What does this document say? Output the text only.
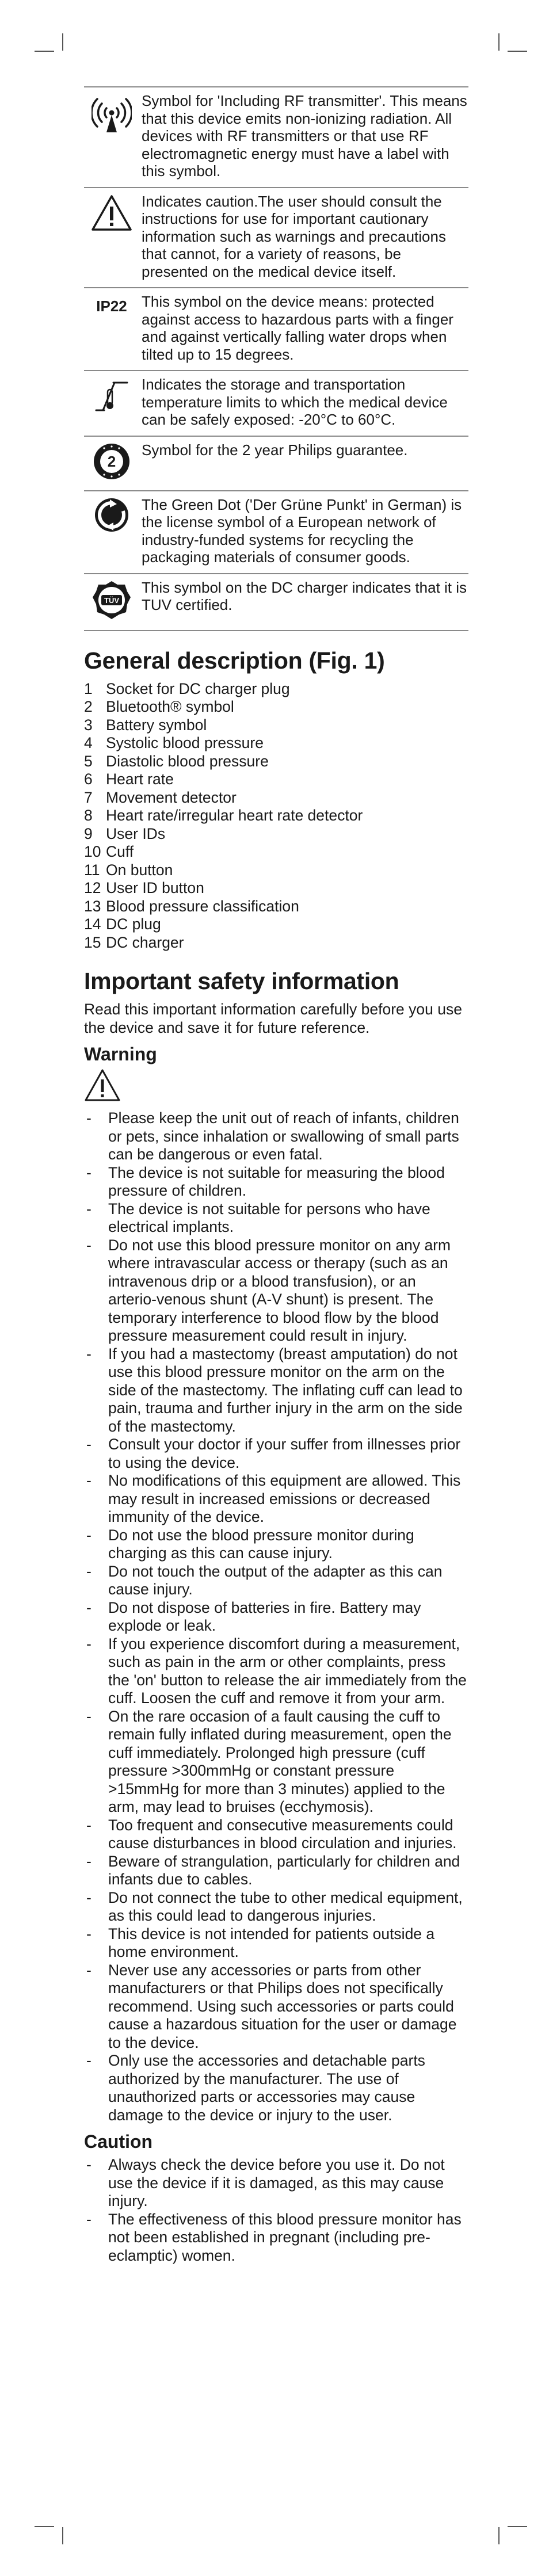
	Symbol for 'Including RF transmitter'. This means that this device emits non-ionizing radiation. All devices with RF transmitters or that use RF electromagnetic energy must have a label with this symbol.
	Indicates caution.The user should consult the instructions for use for important cautionary information such as warnings and precautions that cannot, for a variety of reasons, be presented on the medical device itself.
IP22	This symbol on the device means: protected against access to hazardous parts with a finger and against vertically falling water drops when tilted up to 15 degrees.
	Indicates the storage and transportation temperature limits to which the medical device can be safely exposed: -20°C to 60°C.

2	Symbol for the 2 year Philips guarantee.
	The Green Dot ('Der Grüne Punkt' in German) is the license symbol of a European network of industry-funded systems for recycling the packaging materials of consumer goods.

TÜV	This symbol on the DC charger indicates that it is TUV certified.
General description (Fig. 1)
1 Socket for DC charger plug
2 Bluetooth® symbol
3 Battery symbol
4 Systolic blood pressure
5 Diastolic blood pressure
6 Heart rate
7 Movement detector
8 Heart rate/irregular heart rate detector
9 User IDs
10 Cuff
11 On button
12 User ID button
13 Blood pressure classification
14 DC plug
15 DC charger
Important safety information

Read this important information carefully before you use the device and save it for future reference.

Warning
-	Please keep the unit out of reach of infants, children or pets, since inhalation or swallowing of small parts can be dangerous or even fatal.
-	The device is not suitable for measuring the blood pressure of children.
-	The device is not suitable for persons who have electrical implants.
-	Do not use this blood pressure monitor on any arm where intravascular access or therapy (such as an intravenous drip or a blood transfusion), or an arterio-venous shunt (A-V shunt) is present. The temporary interference to blood flow by the blood pressure measurement could result in injury.
-	If you had a mastectomy (breast amputation) do not use this blood pressure monitor on the arm on the side of the mastectomy. The inflating cuff can lead to pain, trauma and further injury in the arm on the side of the mastectomy.
-	Consult your doctor if your suffer from illnesses prior to using the device.
-	No modifications of this equipment are allowed. This may result in increased emissions or decreased immunity of the device.
-	Do not use the blood pressure monitor during charging as this can cause injury.
-	Do not touch the output of the adapter as this can cause injury.
-	Do not dispose of batteries in fire. Battery may explode or leak.
-	If you experience discomfort during a measurement, such as pain in the arm or other complaints, press the 'on' button to release the air immediately from the cuff. Loosen the cuff and remove it from your arm.
-	On the rare occasion of a fault causing the cuff to remain fully inflated during measurement, open the cuff immediately. Prolonged high pressure (cuff pressure >300mmHg or constant pressure >15mmHg for more than 3 minutes) applied to the arm, may lead to bruises (ecchymosis).
-	Too frequent and consecutive measurements could cause disturbances in blood circulation and injuries.
-	Beware of strangulation, particularly for children and infants due to cables.
-	Do not connect the tube to other medical equipment, as this could lead to dangerous injuries.
-	This device is not intended for patients outside a home environment.
-	Never use any accessories or parts from other manufacturers or that Philips does not specifically recommend. Using such accessories or parts could cause a hazardous situation for the user or damage to the device.
-	Only use the accessories and detachable parts authorized by the manufacturer. The use of unauthorized parts or accessories may cause damage to the device or injury to the user.
Caution
-	Always check the device before you use it. Do not use the device if it is damaged, as this may cause injury.
-	The effectiveness of this blood pressure monitor has not been established in pregnant (including pre-eclamptic) women.
